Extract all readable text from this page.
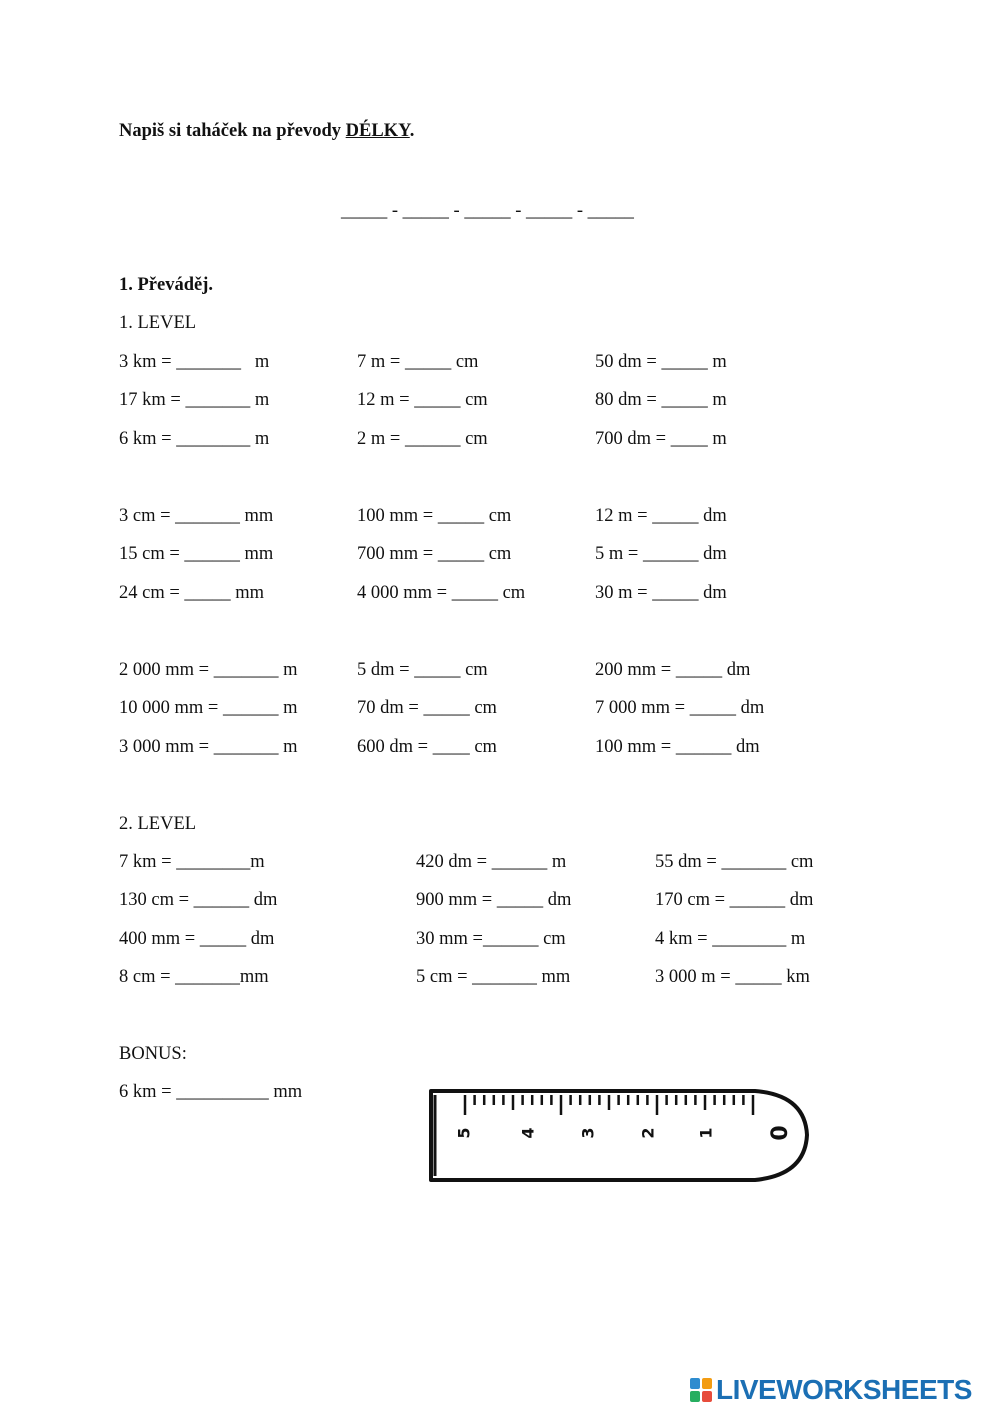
Napiš si taháček na převody DÉLKY.
_____ - _____ - _____ - _____ - _____
1. Převáděj.
1. LEVEL
3 km = _______   m	7 m = _____ cm	50 dm = _____ m
17 km = _______ m	12 m = _____ cm	80 dm = _____ m
6 km = ________ m	2 m = ______ cm	700 dm = ____ m
3 cm = _______ mm	100 mm = _____ cm	12 m = _____ dm
15 cm = ______ mm	700 mm = _____ cm	5 m = ______ dm
24 cm = _____ mm	4 000 mm = _____ cm	30 m = _____ dm
2 000 mm = _______ m	5 dm = _____ cm	200 mm = _____ dm
10 000 mm = ______ m	70 dm = _____ cm	7 000 mm = _____ dm
3 000 mm = _______ m	600 dm = ____ cm	100 mm = ______ dm
2. LEVEL
7 km = ________m	420 dm = ______ m	55 dm = _______ cm
130 cm = ______ dm	900 mm = _____ dm	170 cm = ______ dm
400 mm = _____ dm	30 mm =______ cm	4 km = ________ m
8 cm = _______mm	5 cm = _______ mm	3 000 m = _____ km
BONUS:
6 km = __________ mm
5	4	3	2 1 0
LIVEWORKSHEETS
